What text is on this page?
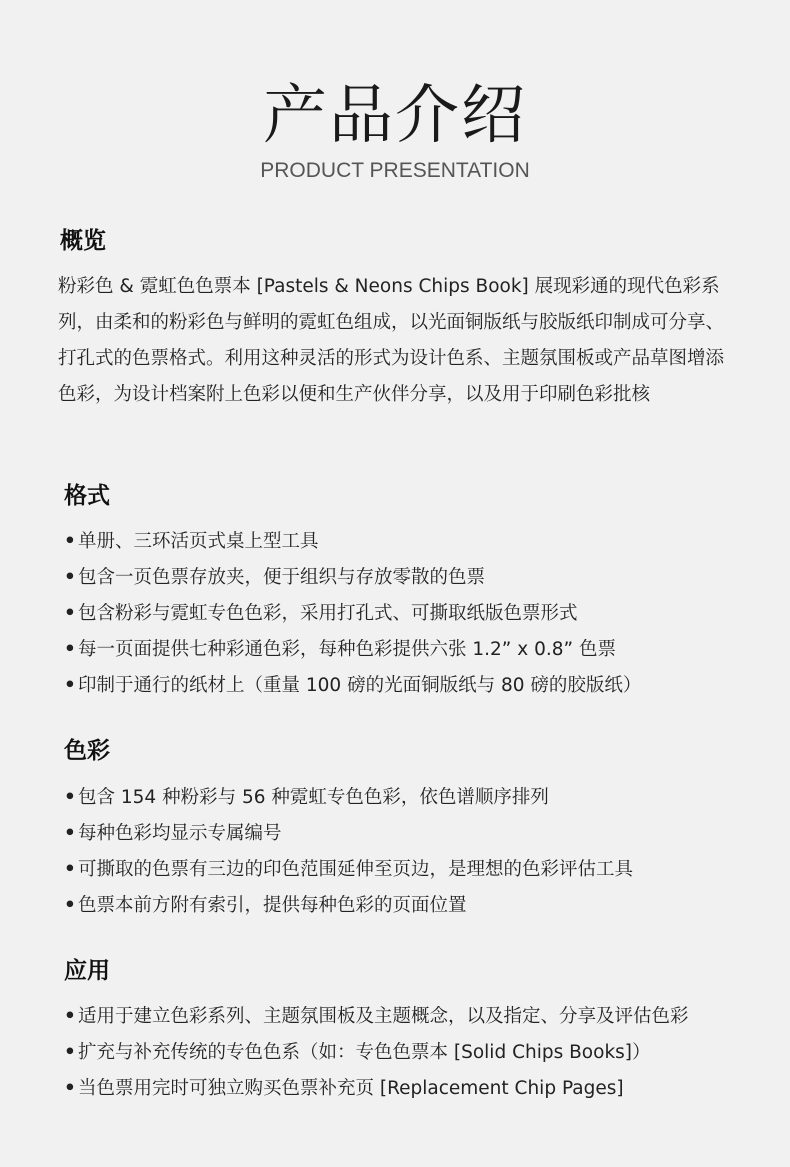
产品介绍
PRODUCT PRESENTATION
概览
粉彩色 & 霓虹色色票本 [Pastels & Neons Chips Book] 展现彩通的现代色彩系列，由柔和的粉彩色与鲜明的霓虹色组成，以光面铜版纸与胶版纸印制成可分享、打孔式的色票格式。利用这种灵活的形式为设计色系、主题氛围板或产品草图增添色彩，为设计档案附上色彩以便和生产伙伴分享，以及用于印刷色彩批核
格式
• 单册、三环活页式桌上型工具
• 包含一页色票存放夹，便于组织与存放零散的色票
• 包含粉彩与霓虹专色色彩，采用打孔式、可撕取纸版色票形式
• 每一页面提供七种彩通色彩，每种色彩提供六张 1.2” x 0.8” 色票
• 印制于通行的纸材上（重量 100 磅的光面铜版纸与 80 磅的胶版纸）
色彩
• 包含 154 种粉彩与 56 种霓虹专色色彩，依色谱顺序排列
• 每种色彩均显示专属编号
• 可撕取的色票有三边的印色范围延伸至页边，是理想的色彩评估工具
• 色票本前方附有索引，提供每种色彩的页面位置
应用
• 适用于建立色彩系列、主题氛围板及主题概念，以及指定、分享及评估色彩
• 扩充与补充传统的专色色系（如：专色色票本 [Solid Chips Books]）
• 当色票用完时可独立购买色票补充页 [Replacement Chip Pages]
